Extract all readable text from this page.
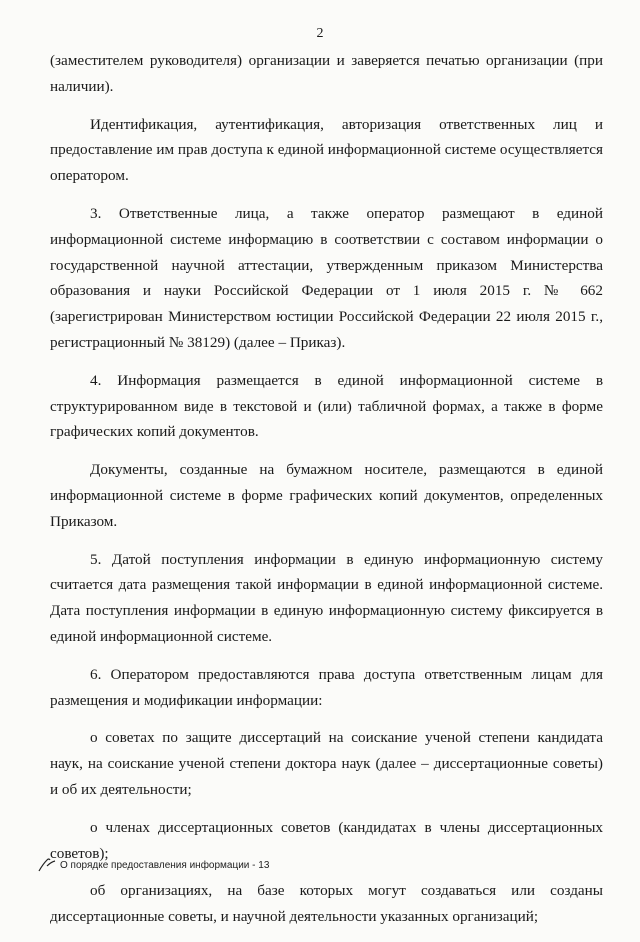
2

(заместителем руководителя) организации и заверяется печатью организации (при наличии).

Идентификация, аутентификация, авторизация ответственных лиц и предоставление им прав доступа к единой информационной системе осуществляется оператором.

3. Ответственные лица, а также оператор размещают в единой информационной системе информацию в соответствии с составом информации о государственной научной аттестации, утвержденным приказом Министерства образования и науки Российской Федерации от 1 июля 2015 г. № 662 (зарегистрирован Министерством юстиции Российской Федерации 22 июля 2015 г., регистрационный № 38129) (далее – Приказ).

4. Информация размещается в единой информационной системе в структурированном виде в текстовой и (или) табличной формах, а также в форме графических копий документов.

Документы, созданные на бумажном носителе, размещаются в единой информационной системе в форме графических копий документов, определенных Приказом.

5. Датой поступления информации в единую информационную систему считается дата размещения такой информации в единой информационной системе. Дата поступления информации в единую информационную систему фиксируется в единой информационной системе.

6. Оператором предоставляются права доступа ответственным лицам для размещения и модификации информации:

о советах по защите диссертаций на соискание ученой степени кандидата наук, на соискание ученой степени доктора наук (далее – диссертационные советы) и об их деятельности;

о членах диссертационных советов (кандидатах в члены диссертационных советов);

об организациях, на базе которых могут создаваться или созданы диссертационные советы, и научной деятельности указанных организаций;

О порядке предоставления информации - 13
